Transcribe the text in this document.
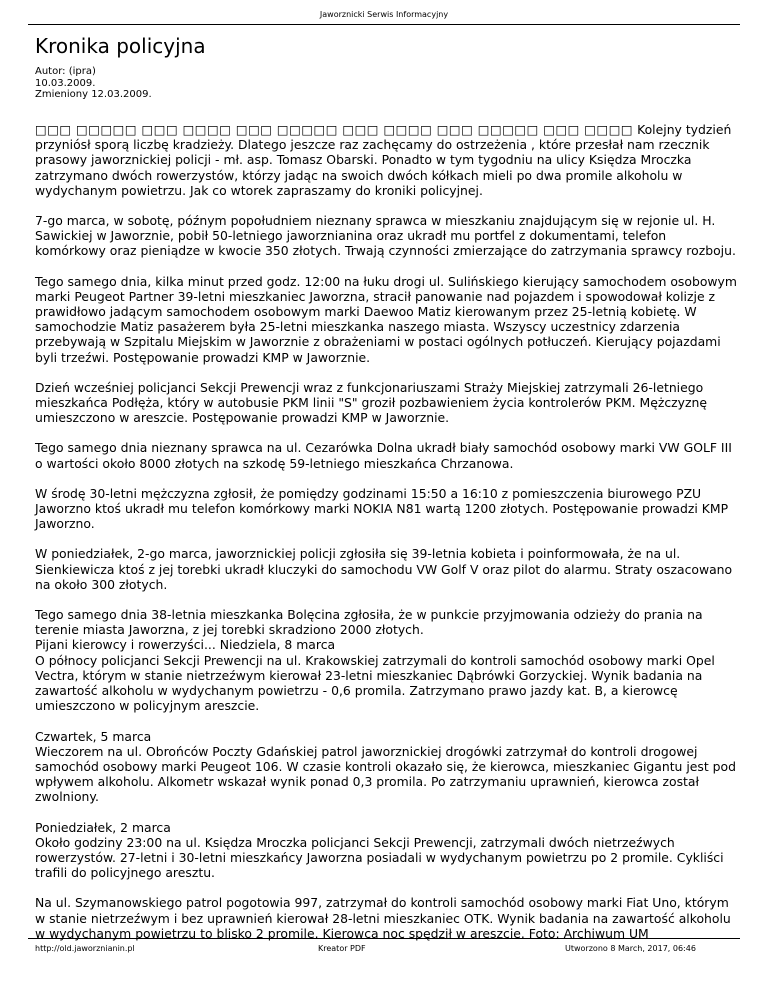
Jaworznicki Serwis Informacyjny
Kronika policyjna
Autor: (ipra)
10.03.2009.
Zmieniony 12.03.2009.

□□□ □□□□□ □□□ □□□□ □□□ □□□□□ □□□ □□□□ □□□ □□□□□ □□□ □□□□ Kolejny tydzień przyniósł sporą liczbę kradzieży. Dlatego jeszcze raz zachęcamy do ostrzeżenia , które przesłał nam rzecznik prasowy jaworznickiej policji - mł. asp. Tomasz Obarski. Ponadto w tym tygodniu na ulicy Księdza Mroczka zatrzymano dwóch rowerzystów, którzy jadąc na swoich dwóch kółkach mieli po dwa promile alkoholu w wydychanym powietrzu. Jak co wtorek zapraszamy do kroniki policyjnej.

7-go marca, w sobotę, późnym popołudniem nieznany sprawca w mieszkaniu znajdującym się w rejonie ul. H. Sawickiej w Jaworznie, pobił 50-letniego jaworznianina oraz ukradł mu portfel z dokumentami, telefon komórkowy oraz pieniądze w kwocie 350 złotych. Trwają czynności zmierzające do zatrzymania sprawcy rozboju.

Tego samego dnia, kilka minut przed godz. 12:00 na łuku drogi ul. Sulińskiego kierujący samochodem osobowym marki Peugeot Partner 39-letni mieszkaniec Jaworzna, stracił panowanie nad pojazdem i spowodował kolizje z prawidłowo jadącym samochodem osobowym marki Daewoo Matiz kierowanym przez 25-letnią kobietę. W samochodzie Matiz pasażerem była 25-letni mieszkanka naszego miasta. Wszyscy uczestnicy zdarzenia przebywają w Szpitalu Miejskim w Jaworznie z obrażeniami w postaci ogólnych potłuczeń. Kierujący pojazdami byli trzeźwi. Postępowanie prowadzi KMP w Jaworznie.

Dzień wcześniej policjanci Sekcji Prewencji wraz z funkcjonariuszami Straży Miejskiej zatrzymali 26-letniego mieszkańca Podłęża, który w autobusie PKM linii "S" groził pozbawieniem życia kontrolerów PKM. Mężczyznę umieszczono w areszcie. Postępowanie prowadzi KMP w Jaworznie.

Tego samego dnia nieznany sprawca na ul. Cezarówka Dolna ukradł biały samochód osobowy marki VW GOLF III o wartości około 8000 złotych na szkodę 59-letniego mieszkańca Chrzanowa.

W środę 30-letni mężczyzna zgłosił, że pomiędzy godzinami 15:50 a 16:10 z pomieszczenia biurowego PZU Jaworzno ktoś ukradł mu telefon komórkowy marki NOKIA N81 wartą 1200 złotych. Postępowanie prowadzi KMP Jaworzno.

W poniedziałek, 2-go marca, jaworznickiej policji zgłosiła się 39-letnia kobieta i poinformowała, że na ul. Sienkiewicza ktoś z jej torebki ukradł kluczyki do samochodu VW Golf V oraz pilot do alarmu. Straty oszacowano na około 300 złotych.

Tego samego dnia 38-letnia mieszkanka Bolęcina zgłosiła, że w punkcie przyjmowania odzieży do prania na terenie miasta Jaworzna, z jej torebki skradziono 2000 złotych.
Pijani kierowcy i rowerzyści... Niedziela, 8 marca
O północy policjanci Sekcji Prewencji na ul. Krakowskiej zatrzymali do kontroli samochód osobowy marki Opel Vectra, którym w stanie nietrzeźwym kierował 23-letni mieszkaniec Dąbrówki Gorzyckiej. Wynik badania na zawartość alkoholu w wydychanym powietrzu - 0,6 promila. Zatrzymano prawo jazdy kat. B, a kierowcę umieszczono w policyjnym areszcie.

Czwartek, 5 marca
Wieczorem na ul. Obrońców Poczty Gdańskiej patrol jaworznickiej drogówki zatrzymał do kontroli drogowej samochód osobowy marki Peugeot 106. W czasie kontroli okazało się, że kierowca, mieszkaniec Gigantu jest pod wpływem alkoholu. Alkometr wskazał wynik ponad 0,3 promila. Po zatrzymaniu uprawnień, kierowca został zwolniony.

Poniedziałek, 2 marca
Około godziny 23:00 na ul. Księdza Mroczka policjanci Sekcji Prewencji, zatrzymali dwóch nietrzeźwych rowerzystów. 27-letni i 30-letni mieszkańcy Jaworzna posiadali w wydychanym powietrzu po 2 promile. Cykliści trafili do policyjnego aresztu.

Na ul. Szymanowskiego patrol pogotowia 997, zatrzymał do kontroli samochód osobowy marki Fiat Uno, którym w stanie nietrzeźwym i bez uprawnień kierował 28-letni mieszkaniec OTK. Wynik badania na zawartość alkoholu w wydychanym powietrzu to blisko 2 promile. Kierowca noc spędził w areszcie. Foto: Archiwum UM

http://old.jaworznianin.pl	Kreator PDF	Utworzono 8 March, 2017, 06:46
